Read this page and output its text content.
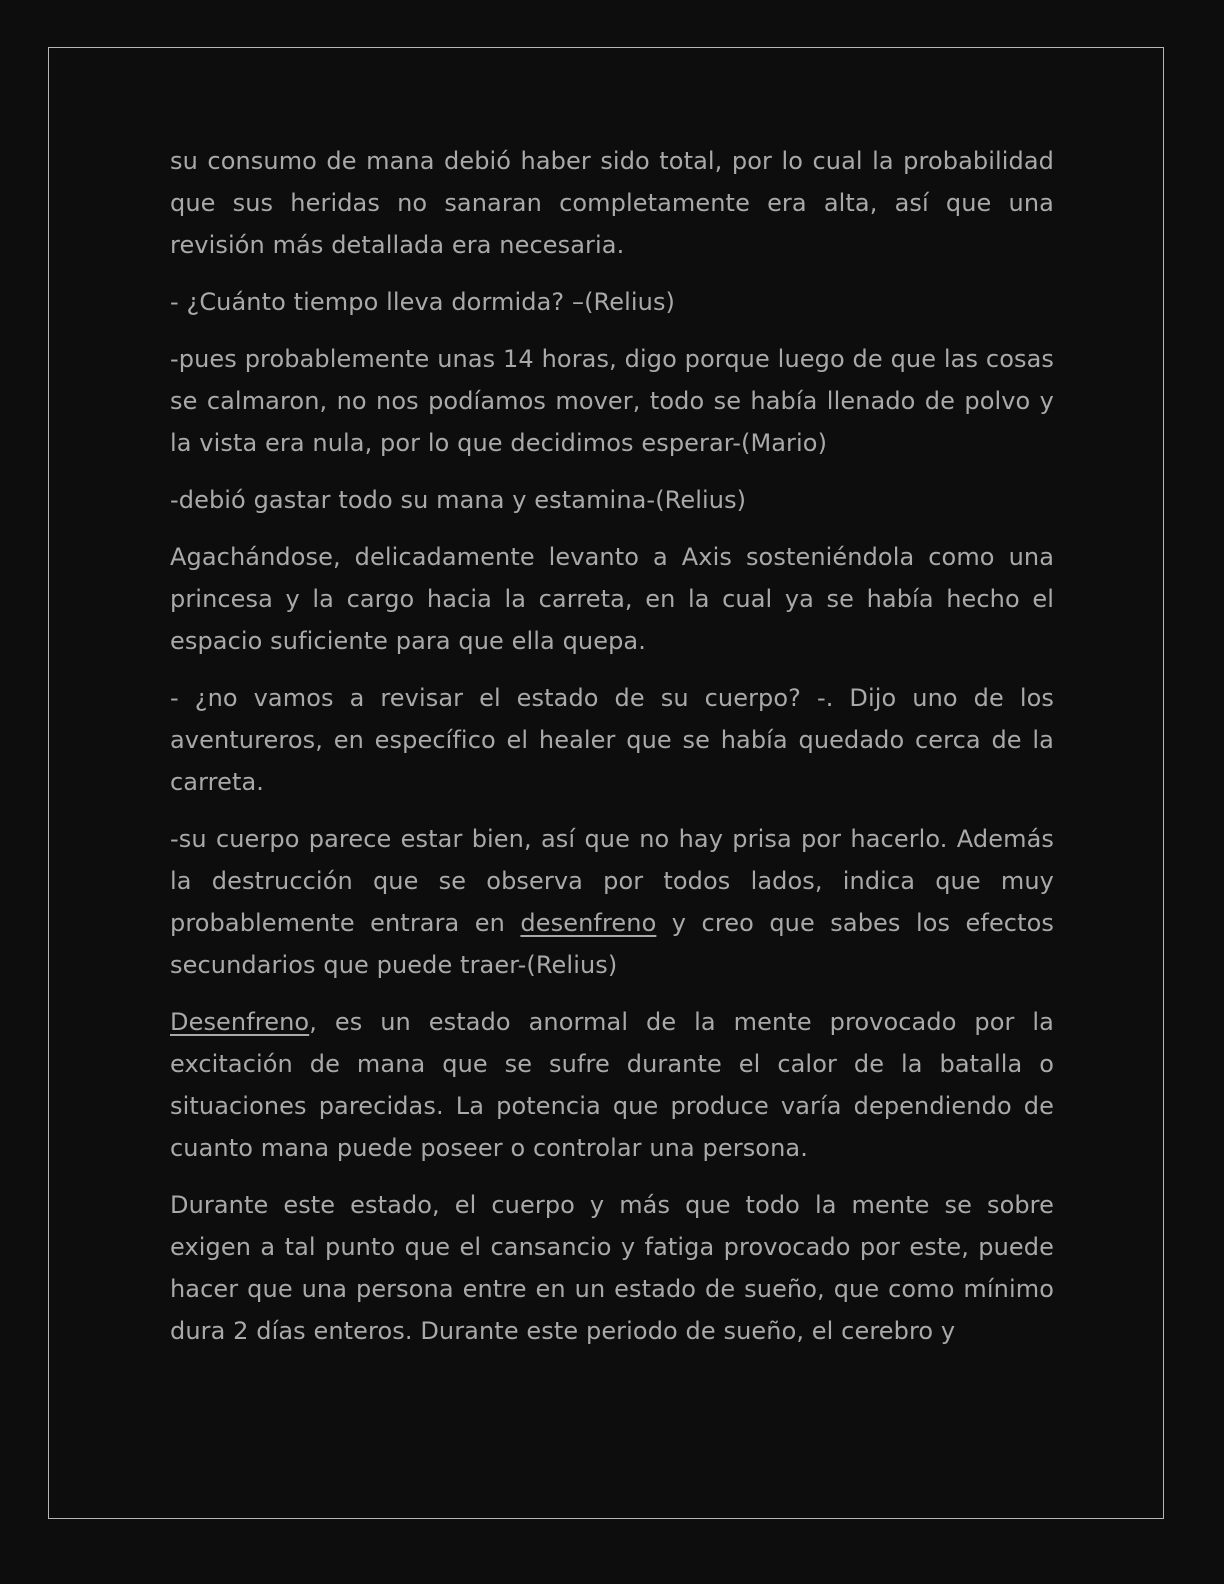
su consumo de mana debió haber sido total, por lo cual la probabilidad que sus heridas no sanaran completamente era alta, así que una revisión más detallada era necesaria.

- ¿Cuánto tiempo lleva dormida? –(Relius)

-pues probablemente unas 14 horas, digo porque luego de que las cosas se calmaron, no nos podíamos mover, todo se había llenado de polvo y la vista era nula, por lo que decidimos esperar-(Mario)

-debió gastar todo su mana y estamina-(Relius)

Agachándose, delicadamente levanto a Axis sosteniéndola como una princesa y la cargo hacia la carreta, en la cual ya se había hecho el espacio suficiente para que ella quepa.

- ¿no vamos a revisar el estado de su cuerpo? -. Dijo uno de los aventureros, en específico el healer que se había quedado cerca de la carreta.

-su cuerpo parece estar bien, así que no hay prisa por hacerlo. Además la destrucción que se observa por todos lados, indica que muy probablemente entrara en desenfreno y creo que sabes los efectos secundarios que puede traer-(Relius)

Desenfreno, es un estado anormal de la mente provocado por la excitación de mana que se sufre durante el calor de la batalla o situaciones parecidas. La potencia que produce varía dependiendo de cuanto mana puede poseer o controlar una persona.

Durante este estado, el cuerpo y más que todo la mente se sobre exigen a tal punto que el cansancio y fatiga provocado por este, puede hacer que una persona entre en un estado de sueño, que como mínimo dura 2 días enteros. Durante este periodo de sueño, el cerebro y
